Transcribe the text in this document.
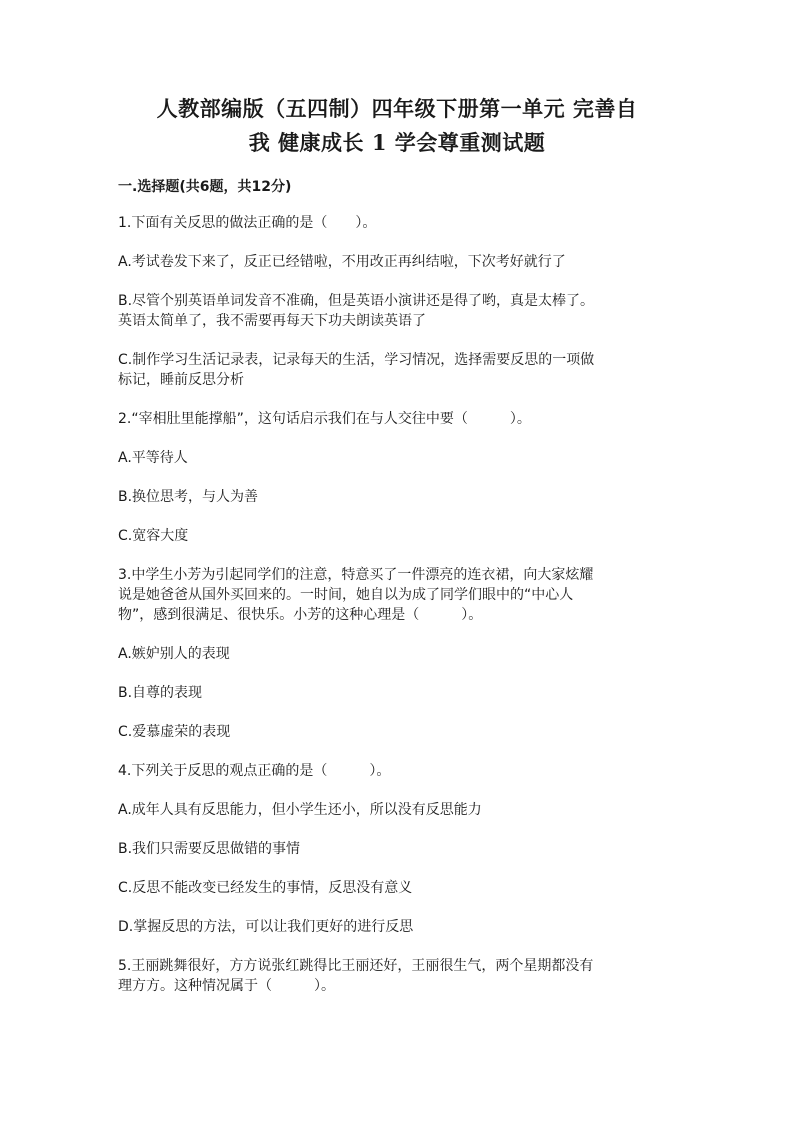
人教部编版（五四制）四年级下册第一单元 完善自
我 健康成长 1 学会尊重测试题
一.选择题(共6题，共12分)
1.下面有关反思的做法正确的是（　　）。
A.考试卷发下来了，反正已经错啦，不用改正再纠结啦，下次考好就行了
B.尽管个别英语单词发音不准确，但是英语小演讲还是得了哟，真是太棒了。
英语太简单了，我不需要再每天下功夫朗读英语了
C.制作学习生活记录表，记录每天的生活，学习情况，选择需要反思的一项做
标记，睡前反思分析
2.“宰相肚里能撑船”，这句话启示我们在与人交往中要（　　　）。
A.平等待人
B.换位思考，与人为善
C.宽容大度
3.中学生小芳为引起同学们的注意，特意买了一件漂亮的连衣裙，向大家炫耀
说是她爸爸从国外买回来的。一时间，她自以为成了同学们眼中的“中心人
物”，感到很满足、很快乐。小芳的这种心理是（　　　）。
A.嫉妒别人的表现
B.自尊的表现
C.爱慕虚荣的表现
4.下列关于反思的观点正确的是（　　　）。
A.成年人具有反思能力，但小学生还小，所以没有反思能力
B.我们只需要反思做错的事情
C.反思不能改变已经发生的事情，反思没有意义
D.掌握反思的方法，可以让我们更好的进行反思
5.王丽跳舞很好，方方说张红跳得比王丽还好，王丽很生气，两个星期都没有
理方方。这种情况属于（　　　）。
